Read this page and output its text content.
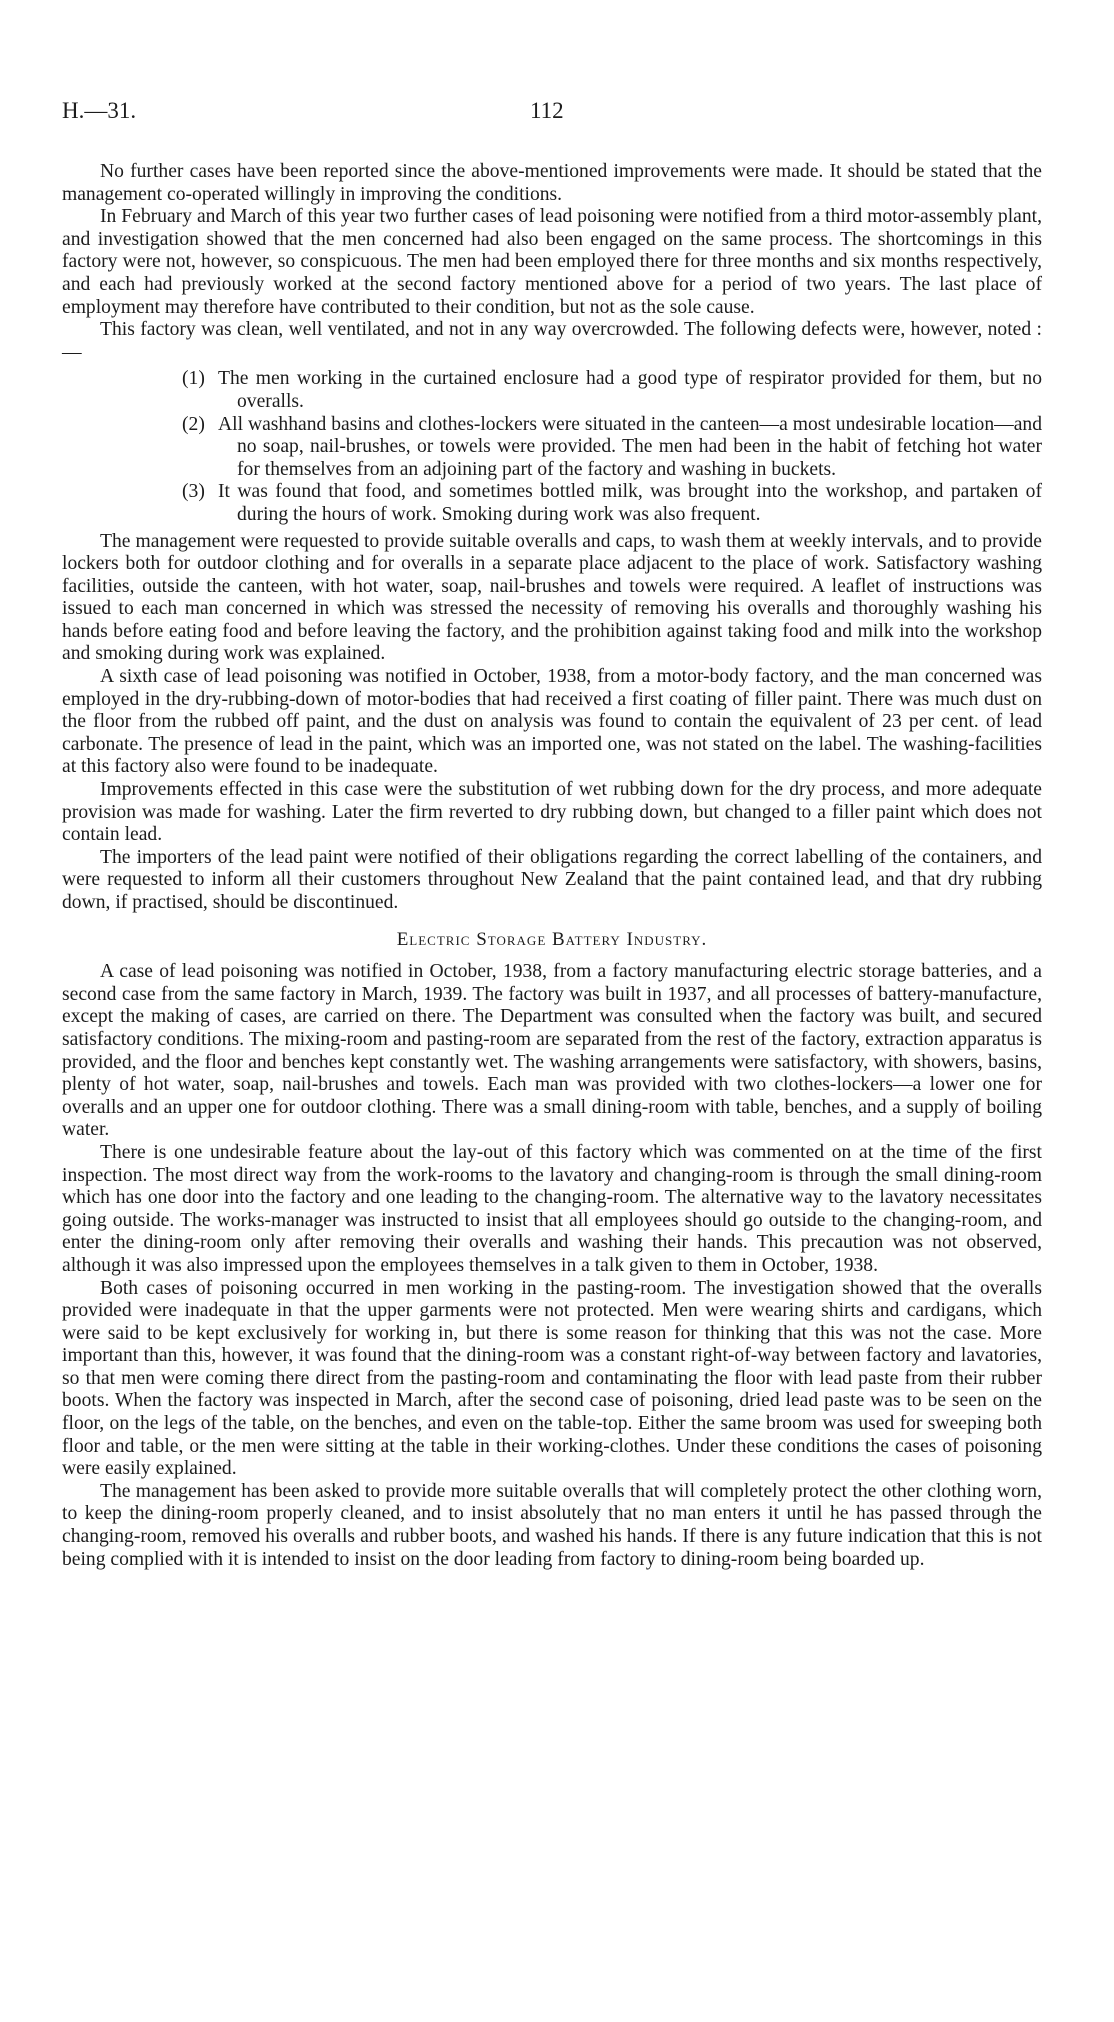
H.—31.	112

No further cases have been reported since the above-mentioned improvements were made. It should be stated that the management co-operated willingly in improving the conditions.

In February and March of this year two further cases of lead poisoning were notified from a third motor-assembly plant, and investigation showed that the men concerned had also been engaged on the same process. The shortcomings in this factory were not, however, so conspicuous. The men had been employed there for three months and six months respectively, and each had previously worked at the second factory mentioned above for a period of two years. The last place of employment may therefore have contributed to their condition, but not as the sole cause.

This factory was clean, well ventilated, and not in any way overcrowded. The following defects were, however, noted :—

(1) The men working in the curtained enclosure had a good type of respirator provided for them, but no overalls.
(2) All washhand basins and clothes-lockers were situated in the canteen—a most undesirable location—and no soap, nail-brushes, or towels were provided. The men had been in the habit of fetching hot water for themselves from an adjoining part of the factory and washing in buckets.
(3) It was found that food, and sometimes bottled milk, was brought into the workshop, and partaken of during the hours of work. Smoking during work was also frequent.

The management were requested to provide suitable overalls and caps, to wash them at weekly intervals, and to provide lockers both for outdoor clothing and for overalls in a separate place adjacent to the place of work. Satisfactory washing facilities, outside the canteen, with hot water, soap, nail-brushes and towels were required. A leaflet of instructions was issued to each man concerned in which was stressed the necessity of removing his overalls and thoroughly washing his hands before eating food and before leaving the factory, and the prohibition against taking food and milk into the workshop and smoking during work was explained.

A sixth case of lead poisoning was notified in October, 1938, from a motor-body factory, and the man concerned was employed in the dry-rubbing-down of motor-bodies that had received a first coating of filler paint. There was much dust on the floor from the rubbed off paint, and the dust on analysis was found to contain the equivalent of 23 per cent. of lead carbonate. The presence of lead in the paint, which was an imported one, was not stated on the label. The washing-facilities at this factory also were found to be inadequate.

Improvements effected in this case were the substitution of wet rubbing down for the dry process, and more adequate provision was made for washing. Later the firm reverted to dry rubbing down, but changed to a filler paint which does not contain lead.

The importers of the lead paint were notified of their obligations regarding the correct labelling of the containers, and were requested to inform all their customers throughout New Zealand that the paint contained lead, and that dry rubbing down, if practised, should be discontinued.

Electric Storage Battery Industry.

A case of lead poisoning was notified in October, 1938, from a factory manufacturing electric storage batteries, and a second case from the same factory in March, 1939. The factory was built in 1937, and all processes of battery-manufacture, except the making of cases, are carried on there. The Department was consulted when the factory was built, and secured satisfactory conditions. The mixing-room and pasting-room are separated from the rest of the factory, extraction apparatus is provided, and the floor and benches kept constantly wet. The washing arrangements were satisfactory, with showers, basins, plenty of hot water, soap, nail-brushes and towels. Each man was provided with two clothes-lockers—a lower one for overalls and an upper one for outdoor clothing. There was a small dining-room with table, benches, and a supply of boiling water.

There is one undesirable feature about the lay-out of this factory which was commented on at the time of the first inspection. The most direct way from the work-rooms to the lavatory and changing-room is through the small dining-room which has one door into the factory and one leading to the changing-room. The alternative way to the lavatory necessitates going outside. The works-manager was instructed to insist that all employees should go outside to the changing-room, and enter the dining-room only after removing their overalls and washing their hands. This precaution was not observed, although it was also impressed upon the employees themselves in a talk given to them in October, 1938.

Both cases of poisoning occurred in men working in the pasting-room. The investigation showed that the overalls provided were inadequate in that the upper garments were not protected. Men were wearing shirts and cardigans, which were said to be kept exclusively for working in, but there is some reason for thinking that this was not the case. More important than this, however, it was found that the dining-room was a constant right-of-way between factory and lavatories, so that men were coming there direct from the pasting-room and contaminating the floor with lead paste from their rubber boots. When the factory was inspected in March, after the second case of poisoning, dried lead paste was to be seen on the floor, on the legs of the table, on the benches, and even on the table-top. Either the same broom was used for sweeping both floor and table, or the men were sitting at the table in their working-clothes. Under these conditions the cases of poisoning were easily explained.

The management has been asked to provide more suitable overalls that will completely protect the other clothing worn, to keep the dining-room properly cleaned, and to insist absolutely that no man enters it until he has passed through the changing-room, removed his overalls and rubber boots, and washed his hands. If there is any future indication that this is not being complied with it is intended to insist on the door leading from factory to dining-room being boarded up.
